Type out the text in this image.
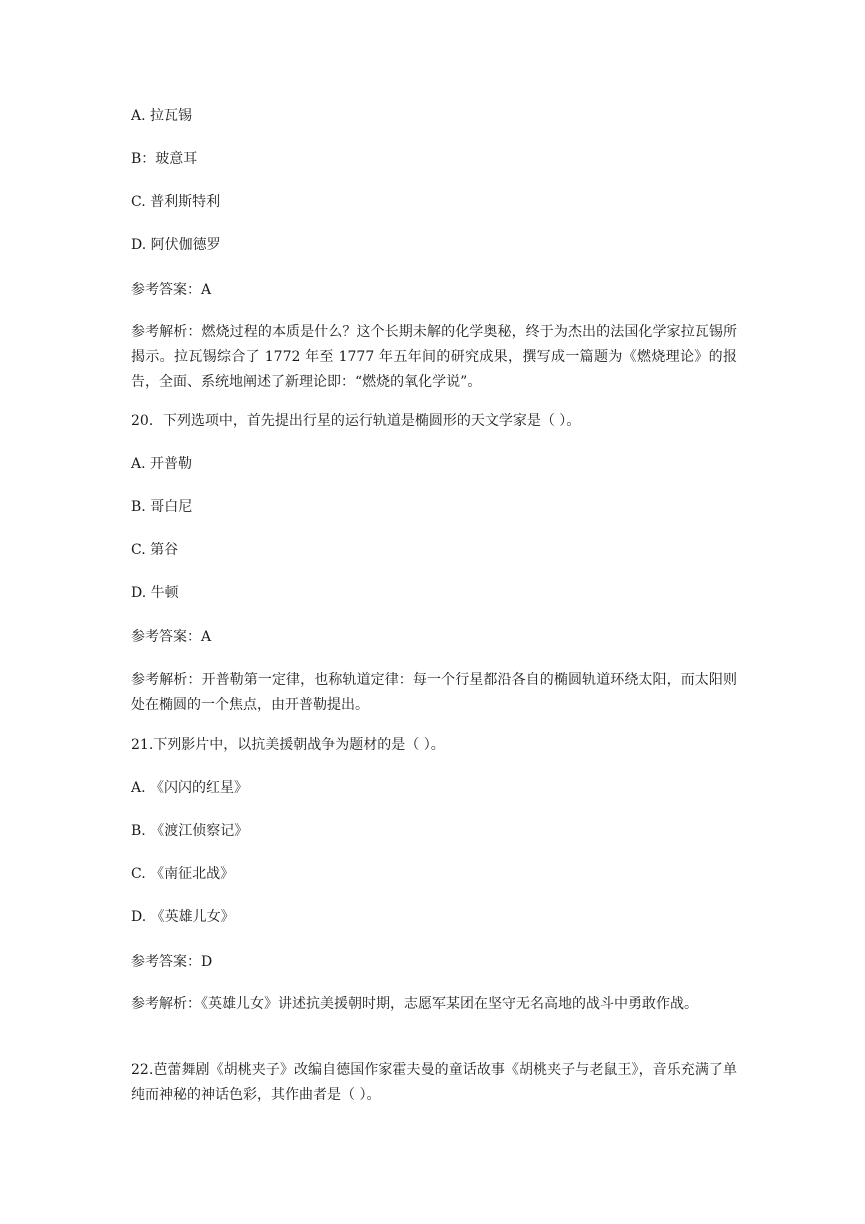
A. 拉瓦锡

B：玻意耳

C. 普利斯特利

D. 阿伏伽德罗

参考答案：A

参考解析：燃烧过程的本质是什么？这个长期未解的化学奥秘，终于为杰出的法国化学家拉瓦锡所揭示。拉瓦锡综合了 1772 年至 1777 年五年间的研究成果，撰写成一篇题为《燃烧理论》的报告，全面、系统地阐述了新理论即：“燃烧的氧化学说”。

20．下列选项中，首先提出行星的运行轨道是椭圆形的天文学家是（ ）。

A. 开普勒

B. 哥白尼

C. 第谷

D. 牛顿

参考答案：A

参考解析：开普勒第一定律，也称轨道定律：每一个行星都沿各自的椭圆轨道环绕太阳，而太阳则处在椭圆的一个焦点，由开普勒提出。

21.下列影片中，以抗美援朝战争为题材的是（ ）。

A. 《闪闪的红星》

B. 《渡江侦察记》

C. 《南征北战》

D. 《英雄儿女》

参考答案：D

参考解析：《英雄儿女》讲述抗美援朝时期，志愿军某团在坚守无名高地的战斗中勇敢作战。

22.芭蕾舞剧《胡桃夹子》改编自德国作家霍夫曼的童话故事《胡桃夹子与老鼠王》，音乐充满了单纯而神秘的神话色彩，其作曲者是（ ）。
